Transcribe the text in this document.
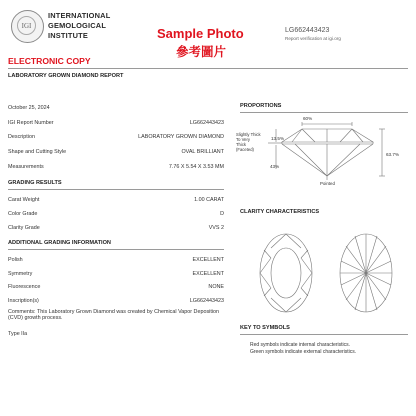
IGI
INTERNATIONAL
GEMOLOGICAL
INSTITUTE
ELECTRONIC COPY
Sample Photo
參考圖片
LG662443423
Report verification at igi.org
LABORATORY GROWN DIAMOND REPORT
October 25, 2024
IGI Report Number	LG662443423
Description	LABORATORY GROWN DIAMOND
Shape and Cutting Style	OVAL BRILLIANT
Measurements	7.76 X 5.54 X 3.53 MM
GRADING RESULTS
Carat Weight	1.00 CARAT
Color Grade	D
Clarity Grade	VVS 2
ADDITIONAL GRADING INFORMATION
Polish	EXCELLENT
Symmetry	EXCELLENT
Fluorescence	NONE
Inscription(s)	LG662443423
Comments: This Laboratory Grown Diamond was created by Chemical Vapor Deposition (CVD) growth process.
Type IIa
PROPORTIONS
60%
63.7%
13.5%
43%
Slightly Thick
To Very
Thick
(Faceted)
Pointed
CLARITY CHARACTERISTICS
KEY TO SYMBOLS
Red symbols indicate internal characteristics.
Green symbols indicate external characteristics.
